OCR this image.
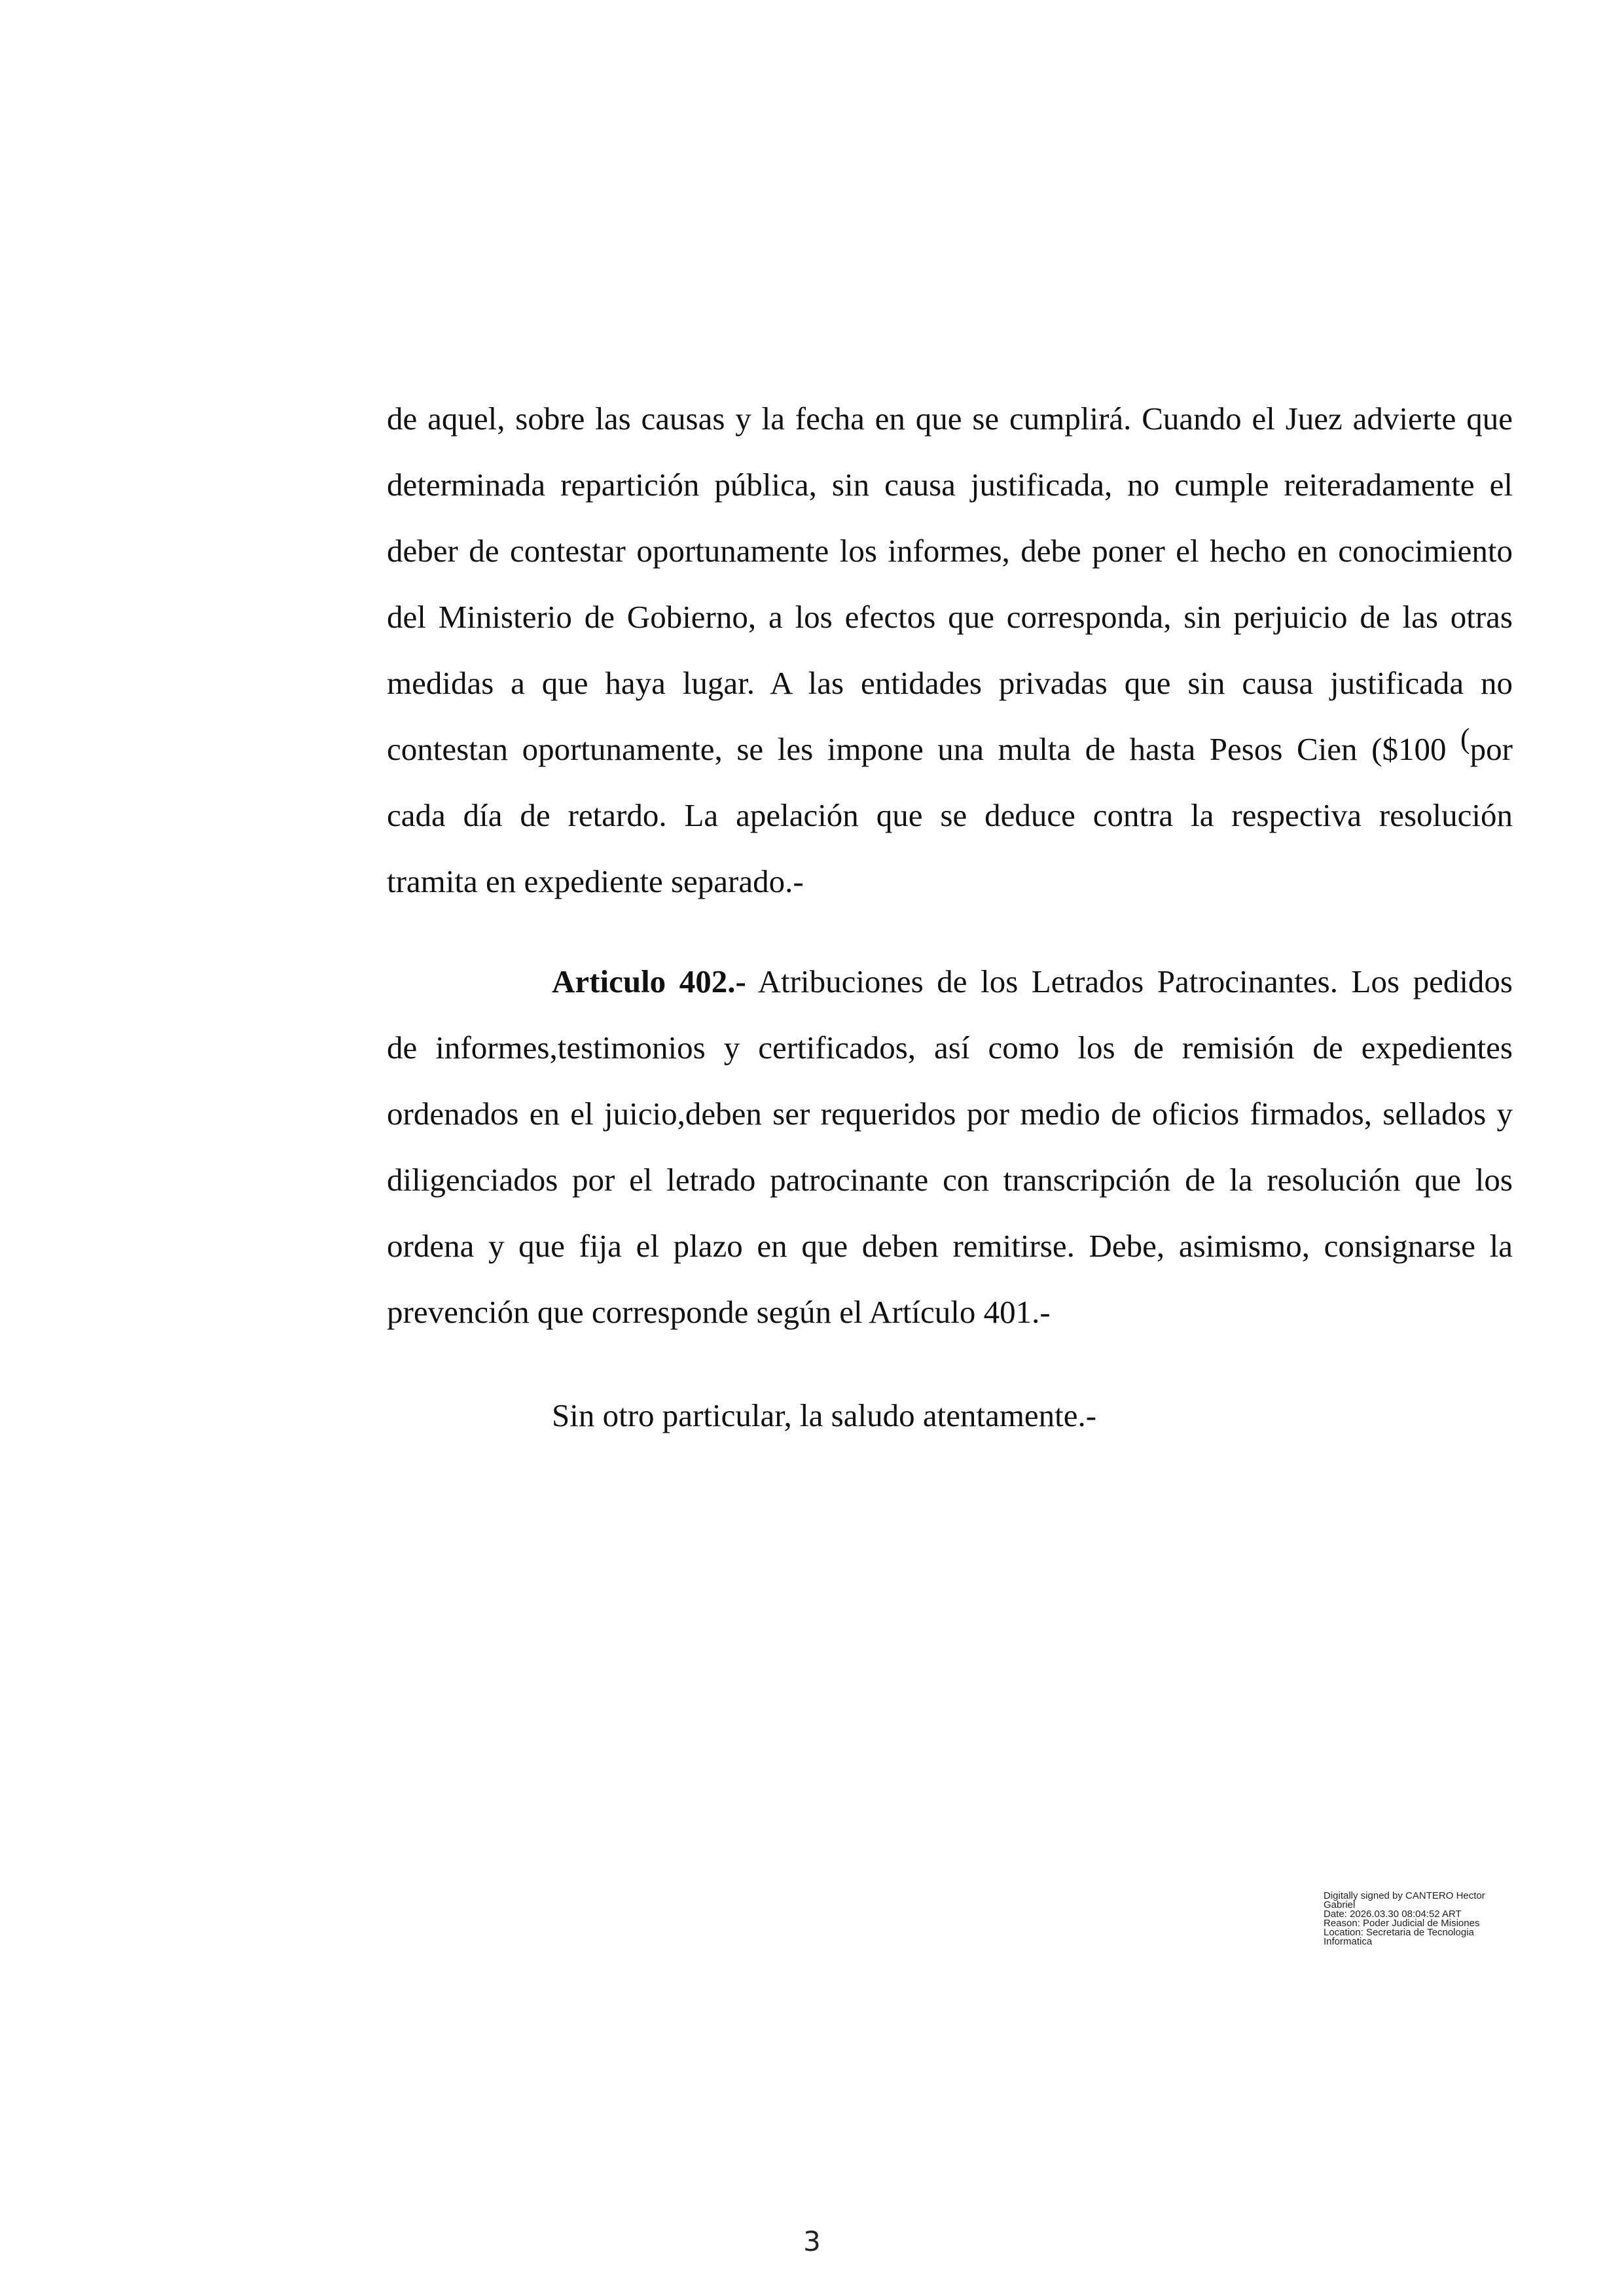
de aquel, sobre las causas y la fecha en que se cumplirá. Cuando el Juez advierte que
determinada repartición pública, sin causa justificada, no cumple reiteradamente el
deber de contestar oportunamente los informes, debe poner el hecho en conocimiento
del Ministerio de Gobierno, a los efectos que corresponda, sin perjuicio de las otras
medidas a que haya lugar. A las entidades privadas que sin causa justificada no
contestan oportunamente, se les impone una multa de hasta Pesos Cien ($100 (por
cada día de retardo. La apelación que se deduce contra la respectiva resolución
tramita en expediente separado.-
Articulo 402.- Atribuciones de los Letrados Patrocinantes. Los pedidos
de informes,testimonios y certificados, así como los de remisión de expedientes
ordenados en el juicio,deben ser requeridos por medio de oficios firmados, sellados y
diligenciados por el letrado patrocinante con transcripción de la resolución que los
ordena y que fija el plazo en que deben remitirse. Debe, asimismo, consignarse la
prevención que corresponde según el Artículo 401.-
Sin otro particular, la saludo atentamente.-
Digitally signed by CANTERO Hector
Gabriel
Date: 2026.03.30 08:04:52 ART
Reason: Poder Judicial de Misiones
Location: Secretaria de Tecnologia
Informatica
3
